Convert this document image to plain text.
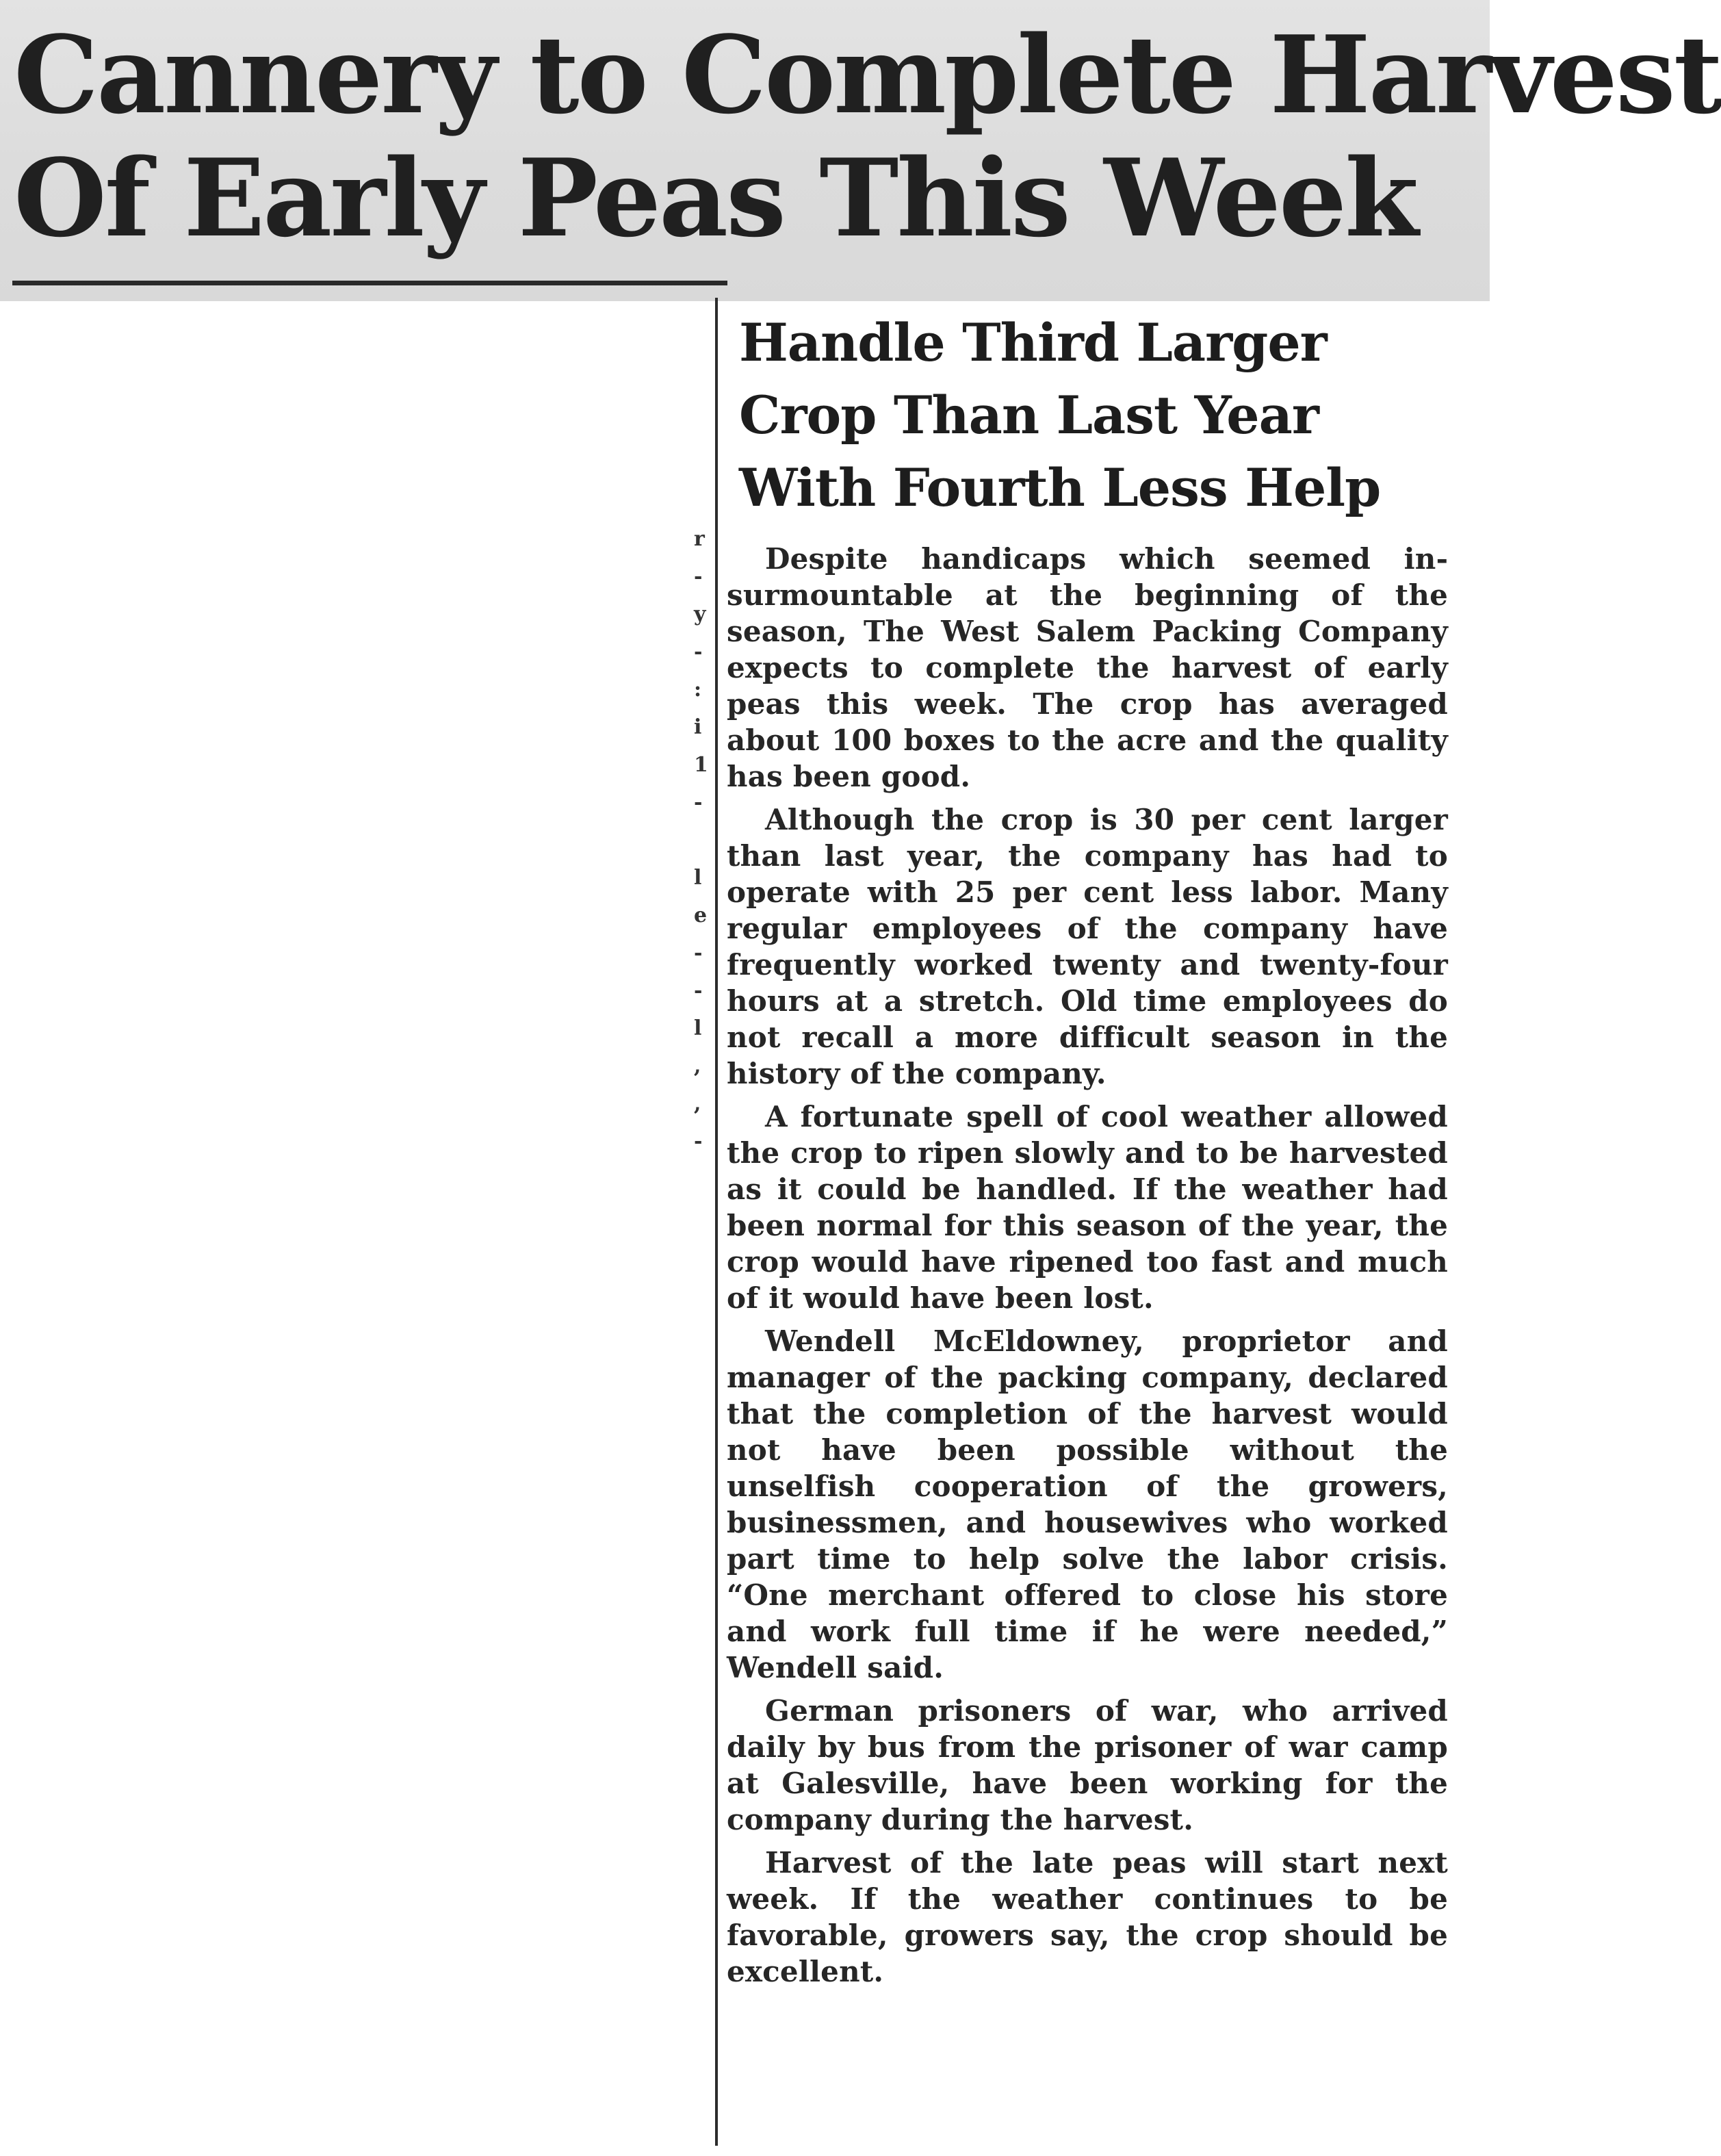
Cannery to Complete Harvest
Of Early Peas This Week
r
-
y
-
:
i
1
-

l
e
-
-
l
,
,
-
Handle Third Larger
Crop Than Last Year
With Fourth Less Help

Despite handicaps which seemed insurmountable at the beginning of the season, The West Salem Packing Company expects to complete the harvest of early peas this week. The crop has averaged about 100 boxes to the acre and the quality has been good.

Although the crop is 30 per cent larger than last year, the company has had to operate with 25 per cent less labor. Many regular employees of the company have frequently worked twenty and twenty-four hours at a stretch. Old time employees do not recall a more difficult season in the history of the company.

A fortunate spell of cool weather allowed the crop to ripen slowly and to be harvested as it could be handled. If the weather had been normal for this season of the year, the crop would have ripened too fast and much of it would have been lost.

Wendell McEldowney, proprietor and manager of the packing company, declared that the completion of the harvest would not have been possible without the unselfish cooperation of the growers, businessmen, and housewives who worked part time to help solve the labor crisis. “One merchant offered to close his store and work full time if he were needed,” Wendell said.

German prisoners of war, who arrived daily by bus from the prisoner of war camp at Galesville, have been working for the company during the harvest.

Harvest of the late peas will start next week. If the weather continues to be favorable, growers say, the crop should be excellent.
